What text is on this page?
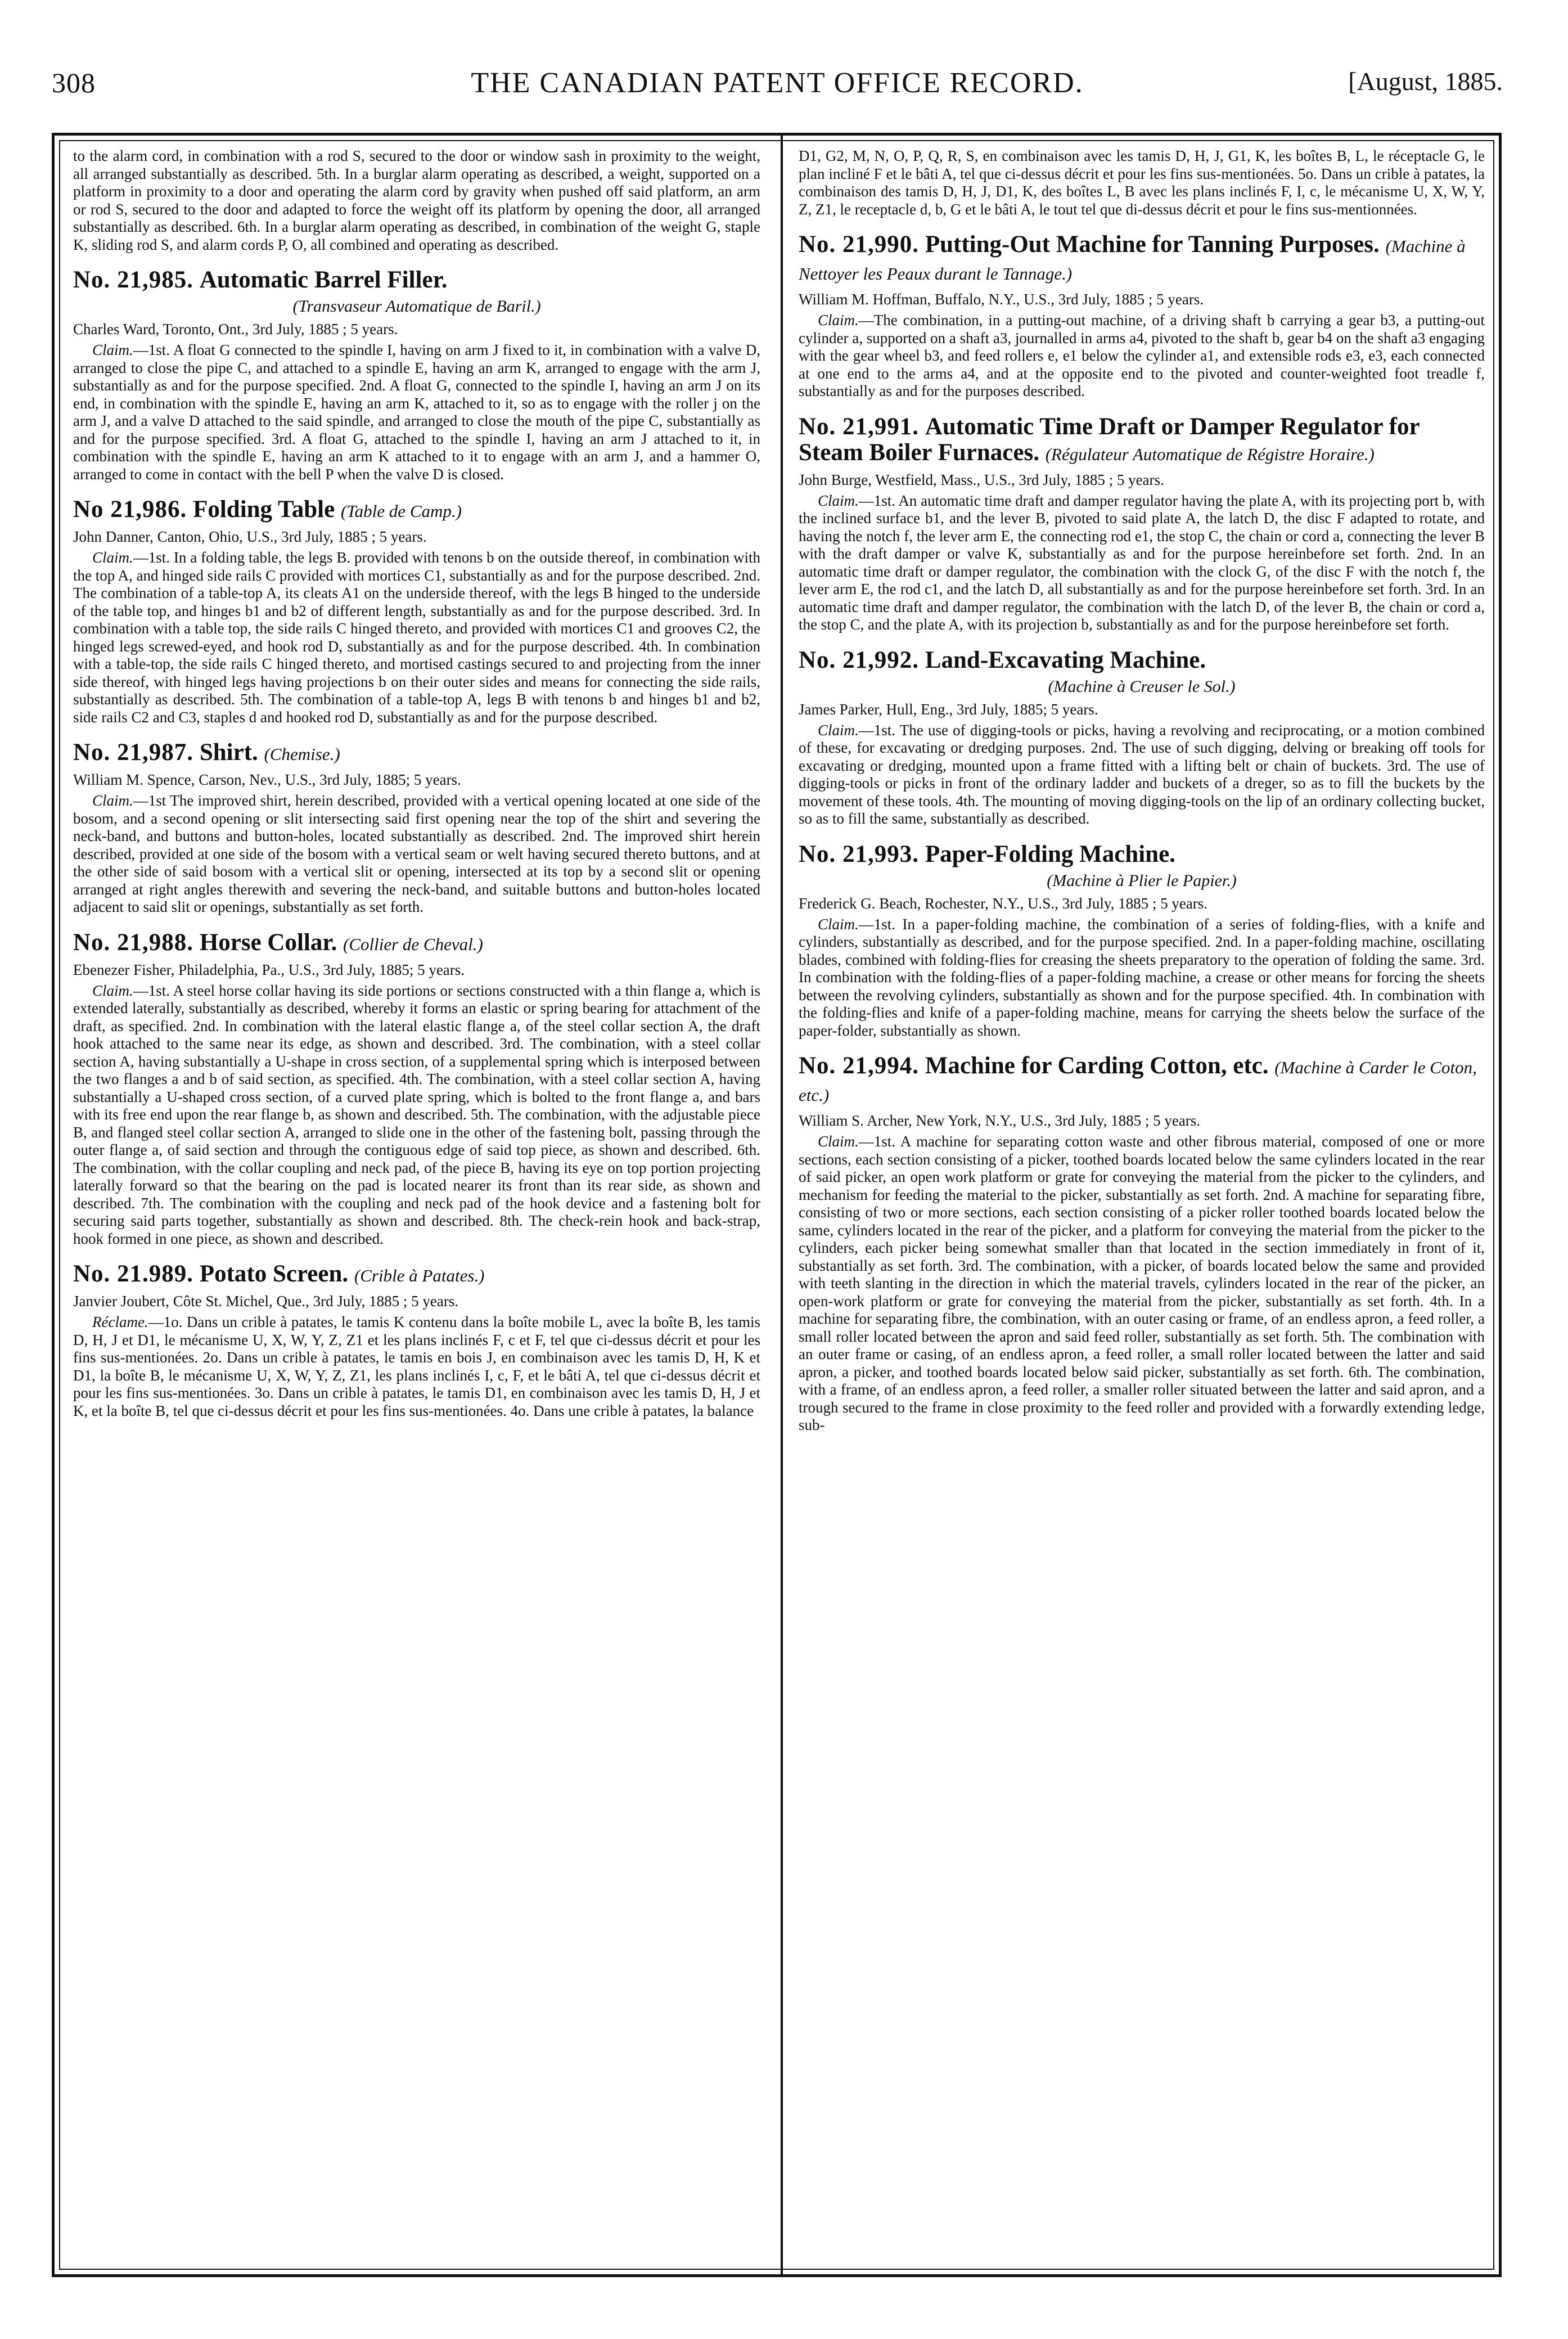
308	THE CANADIAN PATENT OFFICE RECORD.	[August, 1885.

to the alarm cord, in combination with a rod S, secured to the door or window sash in proximity to the weight, all arranged substantially as described. 5th. In a burglar alarm operating as described, a weight, supported on a platform in proximity to a door and operating the alarm cord by gravity when pushed off said platform, an arm or rod S, secured to the door and adapted to force the weight off its platform by opening the door, all arranged substantially as described. 6th. In a burglar alarm operating as described, in combination of the weight G, staple K, sliding rod S, and alarm cords P, O, all combined and operating as described.

No. 21,985. Automatic Barrel Filler.
(Transvaseur Automatique de Baril.)
Charles Ward, Toronto, Ont., 3rd July, 1885 ; 5 years.

Claim.—1st. A float G connected to the spindle I, having on arm J fixed to it, in combination with a valve D, arranged to close the pipe C, and attached to a spindle E, having an arm K, arranged to engage with the arm J, substantially as and for the purpose specified. 2nd. A float G, connected to the spindle I, having an arm J on its end, in combination with the spindle E, having an arm K, attached to it, so as to engage with the roller j on the arm J, and a valve D attached to the said spindle, and arranged to close the mouth of the pipe C, substantially as and for the purpose specified. 3rd. A float G, attached to the spindle I, having an arm J attached to it, in combination with the spindle E, having an arm K attached to it to engage with an arm J, and a hammer O, arranged to come in contact with the bell P when the valve D is closed.

No 21,986. Folding Table (Table de Camp.)
John Danner, Canton, Ohio, U.S., 3rd July, 1885 ; 5 years.

Claim.—1st. In a folding table, the legs B. provided with tenons b on the outside thereof, in combination with the top A, and hinged side rails C provided with mortices C1, substantially as and for the purpose described. 2nd. The combination of a table-top A, its cleats A1 on the underside thereof, with the legs B hinged to the underside of the table top, and hinges b1 and b2 of different length, substantially as and for the purpose described. 3rd. In combination with a table top, the side rails C hinged thereto, and provided with mortices C1 and grooves C2, the hinged legs screwed-eyed, and hook rod D, substantially as and for the purpose described. 4th. In combination with a table-top, the side rails C hinged thereto, and mortised castings secured to and projecting from the inner side thereof, with hinged legs having projections b on their outer sides and means for connecting the side rails, substantially as described. 5th. The combination of a table-top A, legs B with tenons b and hinges b1 and b2, side rails C2 and C3, staples d and hooked rod D, substantially as and for the purpose described.

No. 21,987. Shirt. (Chemise.)
William M. Spence, Carson, Nev., U.S., 3rd July, 1885; 5 years.

Claim.—1st The improved shirt, herein described, provided with a vertical opening located at one side of the bosom, and a second opening or slit intersecting said first opening near the top of the shirt and severing the neck-band, and buttons and button-holes, located substantially as described. 2nd. The improved shirt herein described, provided at one side of the bosom with a vertical seam or welt having secured thereto buttons, and at the other side of said bosom with a vertical slit or opening, intersected at its top by a second slit or opening arranged at right angles therewith and severing the neck-band, and suitable buttons and button-holes located adjacent to said slit or openings, substantially as set forth.

No. 21,988. Horse Collar. (Collier de Cheval.)
Ebenezer Fisher, Philadelphia, Pa., U.S., 3rd July, 1885; 5 years.

Claim.—1st. A steel horse collar having its side portions or sections constructed with a thin flange a, which is extended laterally, substantially as described, whereby it forms an elastic or spring bearing for attachment of the draft, as specified. 2nd. In combination with the lateral elastic flange a, of the steel collar section A, the draft hook attached to the same near its edge, as shown and described. 3rd. The combination, with a steel collar section A, having substantially a U-shape in cross section, of a supplemental spring which is interposed between the two flanges a and b of said section, as specified. 4th. The combination, with a steel collar section A, having substantially a U-shaped cross section, of a curved plate spring, which is bolted to the front flange a, and bars with its free end upon the rear flange b, as shown and described. 5th. The combination, with the adjustable piece B, and flanged steel collar section A, arranged to slide one in the other of the fastening bolt, passing through the outer flange a, of said section and through the contiguous edge of said top piece, as shown and described. 6th. The combination, with the collar coupling and neck pad, of the piece B, having its eye on top portion projecting laterally forward so that the bearing on the pad is located nearer its front than its rear side, as shown and described. 7th. The combination with the coupling and neck pad of the hook device and a fastening bolt for securing said parts together, substantially as shown and described. 8th. The check-rein hook and back-strap, hook formed in one piece, as shown and described.

No. 21.989. Potato Screen. (Crible à Patates.)
Janvier Joubert, Côte St. Michel, Que., 3rd July, 1885 ; 5 years.

Réclame.—1o. Dans un crible à patates, le tamis K contenu dans la boîte mobile L, avec la boîte B, les tamis D, H, J et D1, le mécanisme U, X, W, Y, Z, Z1 et les plans inclinés F, c et F, tel que ci-dessus décrit et pour les fins sus-mentionées. 2o. Dans un crible à patates, le tamis en bois J, en combinaison avec les tamis D, H, K et D1, la boîte B, le mécanisme U, X, W, Y, Z, Z1, les plans inclinés I, c, F, et le bâti A, tel que ci-dessus décrit et pour les fins sus-mentionées. 3o. Dans un crible à patates, le tamis D1, en combinaison avec les tamis D, H, J et K, et la boîte B, tel que ci-dessus décrit et pour les fins sus-mentionées. 4o. Dans une crible à patates, la balance

D1, G2, M, N, O, P, Q, R, S, en combinaison avec les tamis D, H, J, G1, K, les boîtes B, L, le réceptacle G, le plan incliné F et le bâti A, tel que ci-dessus décrit et pour les fins sus-mentionées. 5o. Dans un crible à patates, la combinaison des tamis D, H, J, D1, K, des boîtes L, B avec les plans inclinés F, I, c, le mécanisme U, X, W, Y, Z, Z1, le receptacle d, b, G et le bâti A, le tout tel que di-dessus décrit et pour le fins sus-mentionnées.

No. 21,990. Putting-Out Machine for Tanning Purposes. (Machine à Nettoyer les Peaux durant le Tannage.)
William M. Hoffman, Buffalo, N.Y., U.S., 3rd July, 1885 ; 5 years.

Claim.—The combination, in a putting-out machine, of a driving shaft b carrying a gear b3, a putting-out cylinder a, supported on a shaft a3, journalled in arms a4, pivoted to the shaft b, gear b4 on the shaft a3 engaging with the gear wheel b3, and feed rollers e, e1 below the cylinder a1, and extensible rods e3, e3, each connected at one end to the arms a4, and at the opposite end to the pivoted and counter-weighted foot treadle f, substantially as and for the purposes described.

No. 21,991. Automatic Time Draft or Damper Regulator for Steam Boiler Furnaces. (Régulateur Automatique de Régistre Horaire.)
John Burge, Westfield, Mass., U.S., 3rd July, 1885 ; 5 years.

Claim.—1st. An automatic time draft and damper regulator having the plate A, with its projecting port b, with the inclined surface b1, and the lever B, pivoted to said plate A, the latch D, the disc F adapted to rotate, and having the notch f, the lever arm E, the connecting rod e1, the stop C, the chain or cord a, connecting the lever B with the draft damper or valve K, substantially as and for the purpose hereinbefore set forth. 2nd. In an automatic time draft or damper regulator, the combination with the clock G, of the disc F with the notch f, the lever arm E, the rod c1, and the latch D, all substantially as and for the purpose hereinbefore set forth. 3rd. In an automatic time draft and damper regulator, the combination with the latch D, of the lever B, the chain or cord a, the stop C, and the plate A, with its projection b, substantially as and for the purpose hereinbefore set forth.

No. 21,992. Land-Excavating Machine.
(Machine à Creuser le Sol.)
James Parker, Hull, Eng., 3rd July, 1885; 5 years.

Claim.—1st. The use of digging-tools or picks, having a revolving and reciprocating, or a motion combined of these, for excavating or dredging purposes. 2nd. The use of such digging, delving or breaking off tools for excavating or dredging, mounted upon a frame fitted with a lifting belt or chain of buckets. 3rd. The use of digging-tools or picks in front of the ordinary ladder and buckets of a dreger, so as to fill the buckets by the movement of these tools. 4th. The mounting of moving digging-tools on the lip of an ordinary collecting bucket, so as to fill the same, substantially as described.

No. 21,993. Paper-Folding Machine.
(Machine à Plier le Papier.)
Frederick G. Beach, Rochester, N.Y., U.S., 3rd July, 1885 ; 5 years.

Claim.—1st. In a paper-folding machine, the combination of a series of folding-flies, with a knife and cylinders, substantially as described, and for the purpose specified. 2nd. In a paper-folding machine, oscillating blades, combined with folding-flies for creasing the sheets preparatory to the operation of folding the same. 3rd. In combination with the folding-flies of a paper-folding machine, a crease or other means for forcing the sheets between the revolving cylinders, substantially as shown and for the purpose specified. 4th. In combination with the folding-flies and knife of a paper-folding machine, means for carrying the sheets below the surface of the paper-folder, substantially as shown.

No. 21,994. Machine for Carding Cotton, etc. (Machine à Carder le Coton, etc.)
William S. Archer, New York, N.Y., U.S., 3rd July, 1885 ; 5 years.

Claim.—1st. A machine for separating cotton waste and other fibrous material, composed of one or more sections, each section consisting of a picker, toothed boards located below the same cylinders located in the rear of said picker, an open work platform or grate for conveying the material from the picker to the cylinders, and mechanism for feeding the material to the picker, substantially as set forth. 2nd. A machine for separating fibre, consisting of two or more sections, each section consisting of a picker roller toothed boards located below the same, cylinders located in the rear of the picker, and a platform for conveying the material from the picker to the cylinders, each picker being somewhat smaller than that located in the section immediately in front of it, substantially as set forth. 3rd. The combination, with a picker, of boards located below the same and provided with teeth slanting in the direction in which the material travels, cylinders located in the rear of the picker, an open-work platform or grate for conveying the material from the picker, substantially as set forth. 4th. In a machine for separating fibre, the combination, with an outer casing or frame, of an endless apron, a feed roller, a small roller located between the apron and said feed roller, substantially as set forth. 5th. The combination with an outer frame or casing, of an endless apron, a feed roller, a small roller located between the latter and said apron, a picker, and toothed boards located below said picker, substantially as set forth. 6th. The combination, with a frame, of an endless apron, a feed roller, a smaller roller situated between the latter and said apron, and a trough secured to the frame in close proximity to the feed roller and provided with a forwardly extending ledge, sub-
